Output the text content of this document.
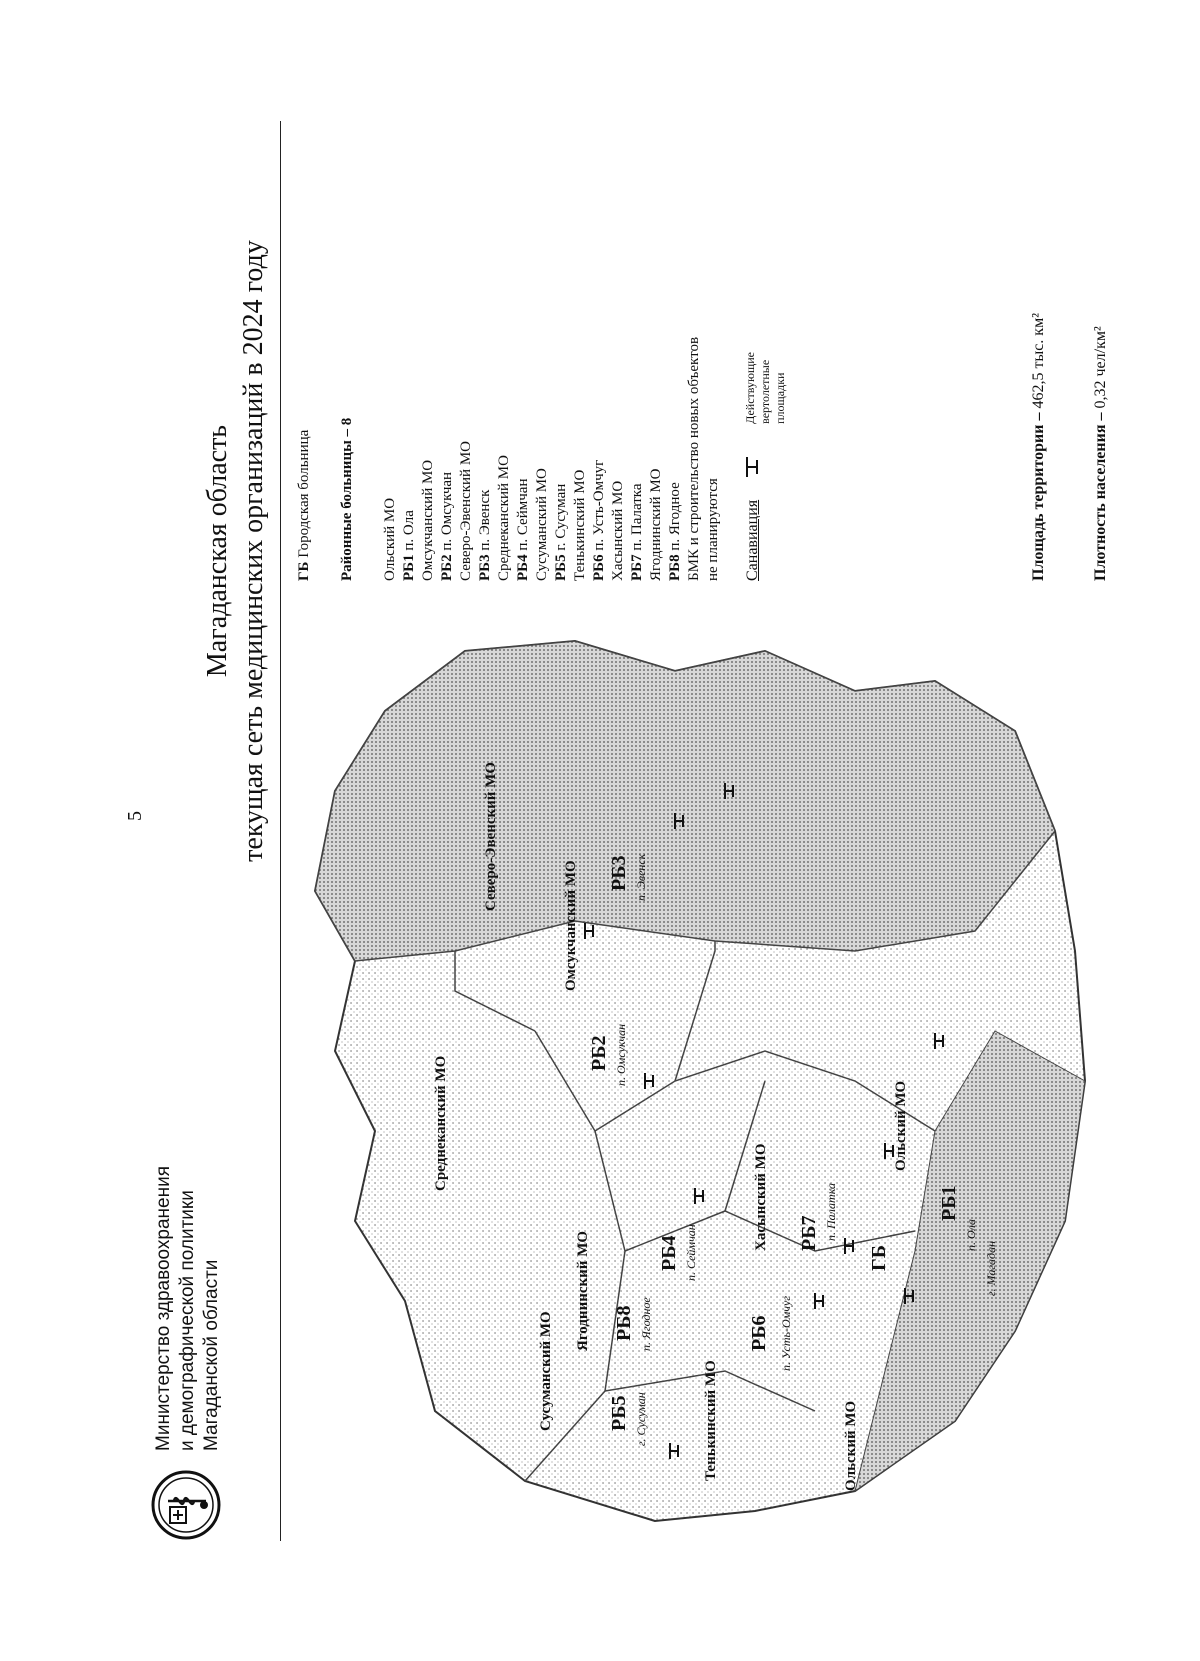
5
Министерство здравоохранения и демографической политики Магаданской области
Магаданская область текущая сеть медицинских организаций в 2024 году
Сусуманский МО
Ягоднинский МО
Тенькинский МО	Ольский МО
Хасынский МО
Среднеканский МО
Омсукчанский МО
Северо-Эвенский МО
Ольский МО
РБ5 г. Сусуман
РБ8 п. Ягодное	РБ6 п. Усть-Омчуг
ГБ	г. Магадан
РБ7 п. Палатка	РБ1
п. Ола
РБ4 п. Сеймчан
РБ2 п. Омсукчан
РБ3 п. Эвенск
ГБ Городская больница Районные больницы – 8 Ольский МО РБ1 п. Ола Омсукчанский МО РБ2 п. Омсукчан Северо-Эвенский МО РБ3 п. Эвенск Среднеканский МО РБ4 п. Сеймчан Сусуманский МО РБ5 г. Сусуман Тенькинский МО РБ6 п. Усть-Омчуг Хасынский МО РБ7 п. Палатка Ягоднинский МО РБ8 п. Ягодное БМК и строительство новых объектов не планируются Санавиация
Действующие вертолетные площадки
Площадь территории – 462,5 тыс. км²
Плотность населения – 0,32 чел/км²
